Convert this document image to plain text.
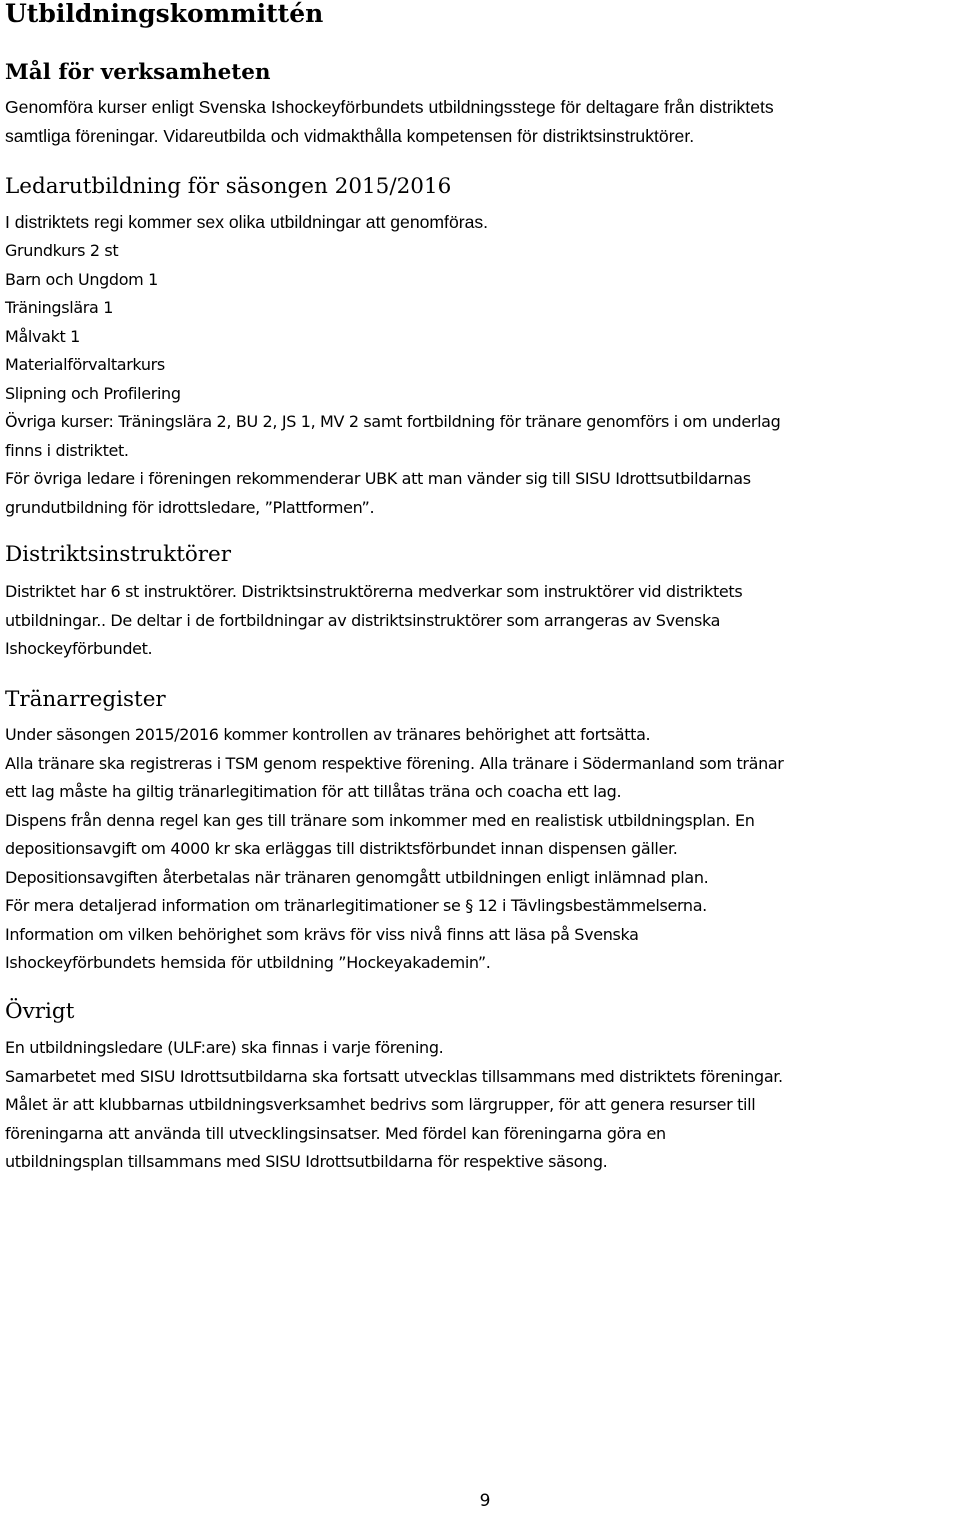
Utbildningskommittén
Mål för verksamheten
Genomföra kurser enligt Svenska Ishockeyförbundets utbildningsstege för deltagare från distriktets
samtliga föreningar. Vidareutbilda och vidmakthålla kompetensen för distriktsinstruktörer.
Ledarutbildning för säsongen 2015/2016
I distriktets regi kommer sex olika utbildningar att genomföras.
Grundkurs 2 st
Barn och Ungdom 1
Träningslära 1
Målvakt 1
Materialförvaltarkurs
Slipning och Profilering
Övriga kurser: Träningslära 2, BU 2, JS 1, MV 2 samt fortbildning för tränare genomförs i om underlag
finns i distriktet.
För övriga ledare i föreningen rekommenderar UBK att man vänder sig till SISU Idrottsutbildarnas
grundutbildning för idrottsledare, ”Plattformen”.
Distriktsinstruktörer
Distriktet har 6 st instruktörer. Distriktsinstruktörerna medverkar som instruktörer vid distriktets
utbildningar.. De deltar i de fortbildningar av distriktsinstruktörer som arrangeras av Svenska
Ishockeyförbundet.
Tränarregister
Under säsongen 2015/2016 kommer kontrollen av tränares behörighet att fortsätta.
Alla tränare ska registreras i TSM genom respektive förening. Alla tränare i Södermanland som tränar
ett lag måste ha giltig tränarlegitimation för att tillåtas träna och coacha ett lag.
Dispens från denna regel kan ges till tränare som inkommer med en realistisk utbildningsplan. En
depositionsavgift om 4000 kr ska erläggas till distriktsförbundet innan dispensen gäller.
Depositionsavgiften återbetalas när tränaren genomgått utbildningen enligt inlämnad plan.
För mera detaljerad information om tränarlegitimationer se § 12 i Tävlingsbestämmelserna.
Information om vilken behörighet som krävs för viss nivå finns att läsa på Svenska
Ishockeyförbundets hemsida för utbildning ”Hockeyakademin”.
Övrigt
En utbildningsledare (ULF:are) ska finnas i varje förening.
Samarbetet med SISU Idrottsutbildarna ska fortsatt utvecklas tillsammans med distriktets föreningar.
Målet är att klubbarnas utbildningsverksamhet bedrivs som lärgrupper, för att genera resurser till
föreningarna att använda till utvecklingsinsatser. Med fördel kan föreningarna göra en
utbildningsplan tillsammans med SISU Idrottsutbildarna för respektive säsong.
9
